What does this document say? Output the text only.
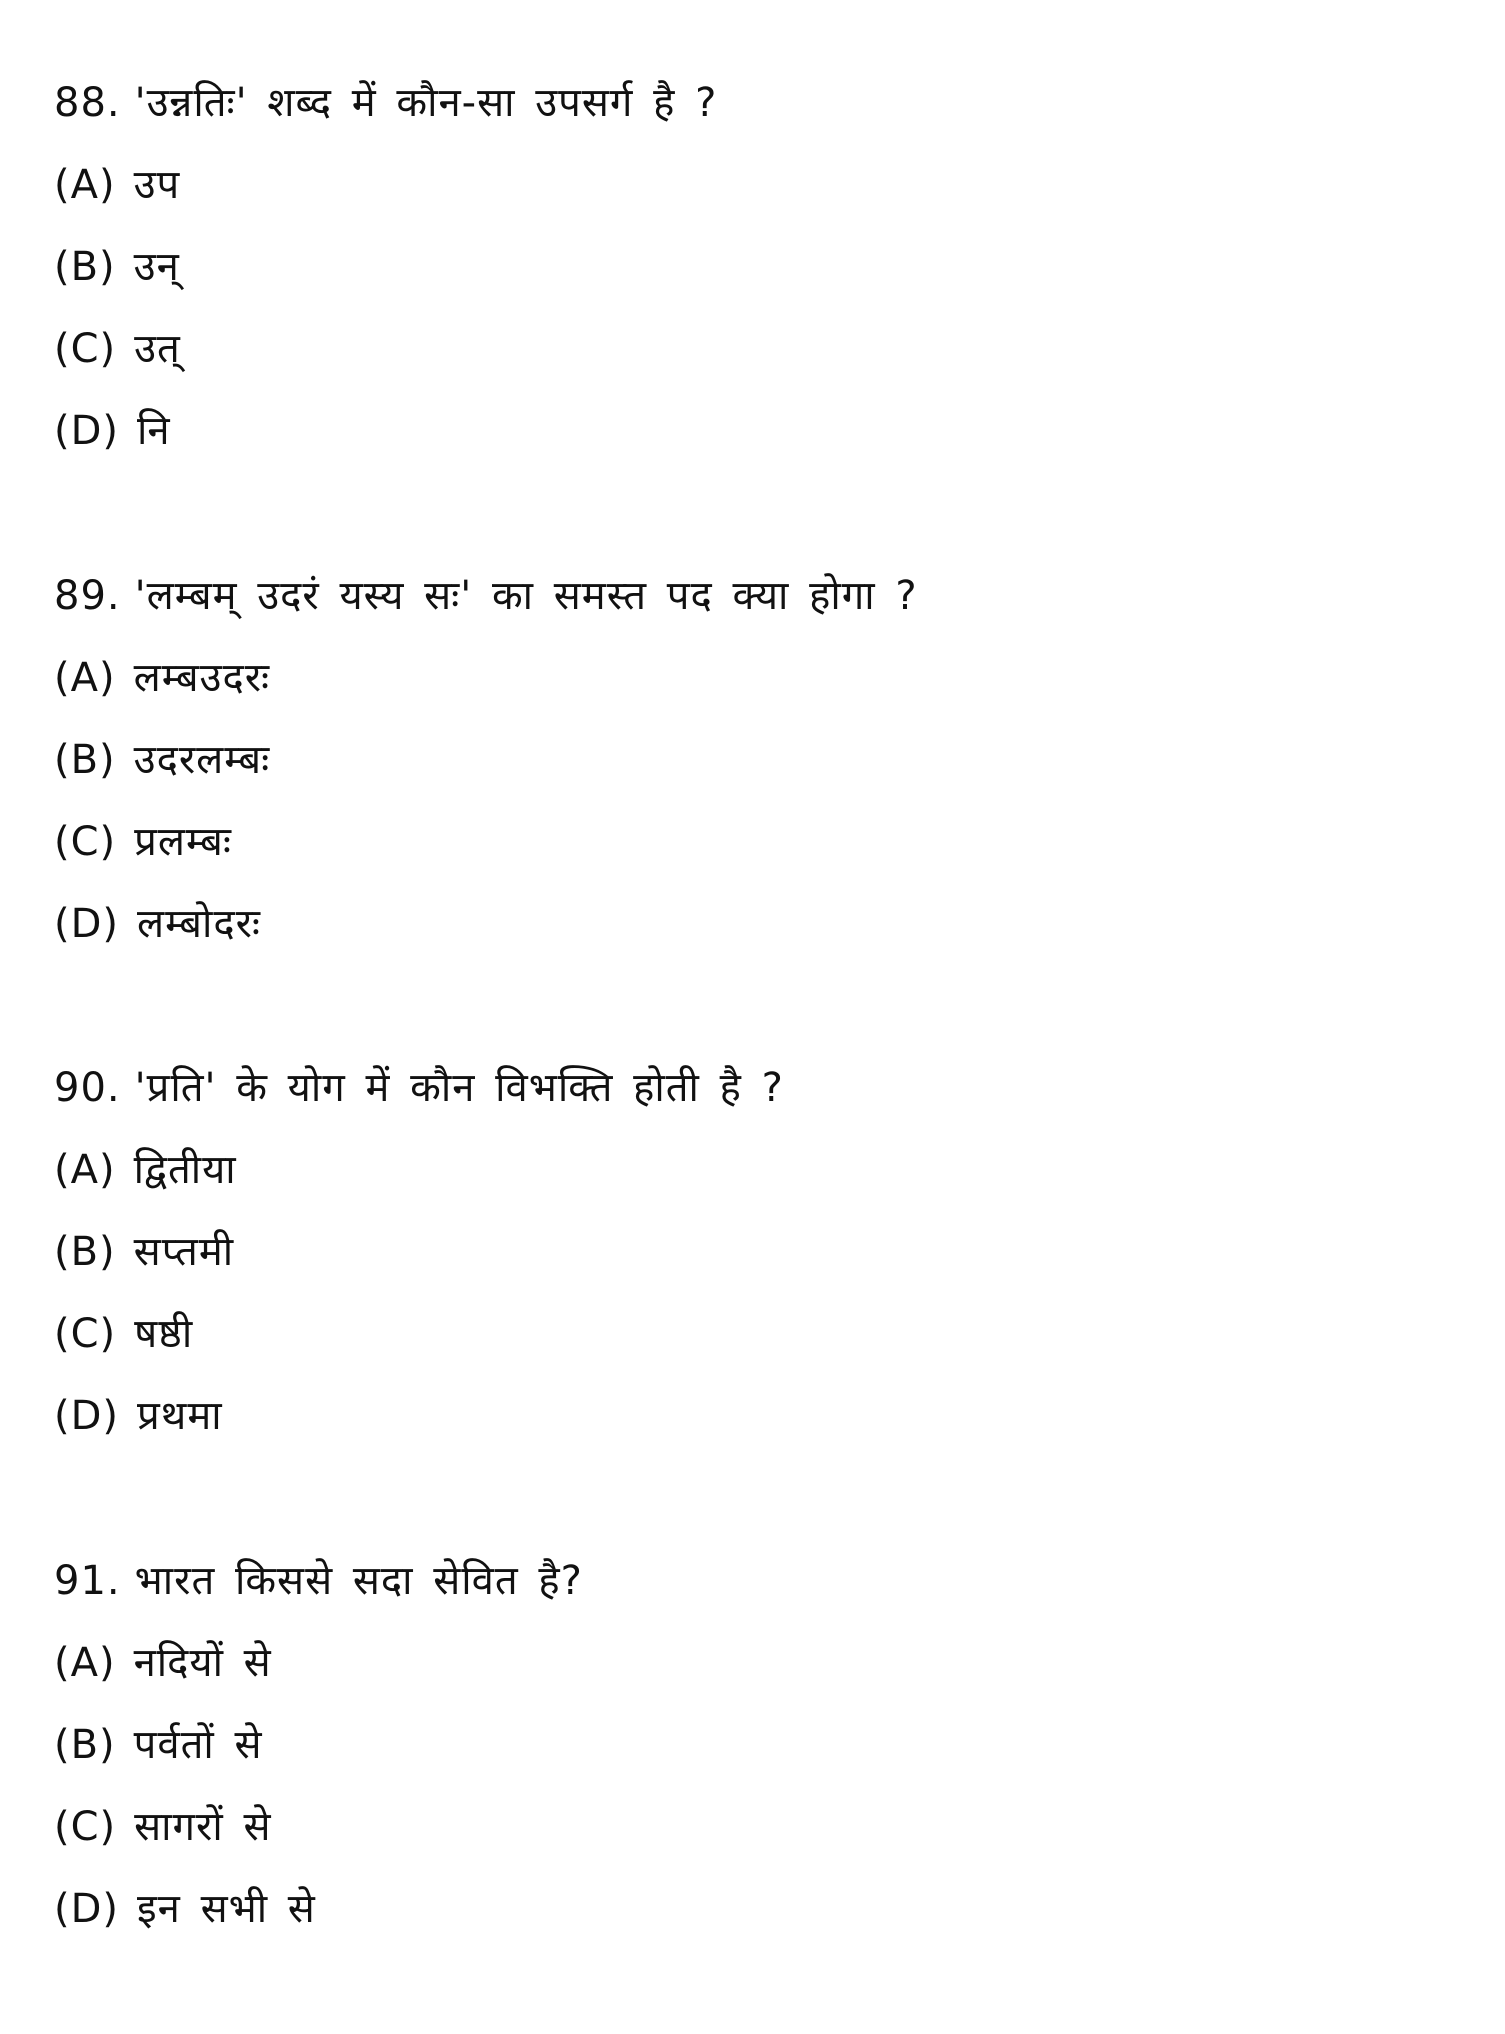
88. 'उन्नतिः' शब्द में कौन-सा उपसर्ग है ?
(A) उप
(B) उन्
(C) उत्
(D) नि
89. 'लम्बम् उदरं यस्य सः' का समस्त पद क्या होगा ?
(A) लम्बउदरः
(B) उदरलम्बः
(C) प्रलम्बः
(D) लम्बोदरः
90. 'प्रति' के योग में कौन विभक्ति होती है ?
(A) द्वितीया
(B) सप्तमी
(C) षष्ठी
(D) प्रथमा
91. भारत किससे सदा सेवित है?
(A) नदियों से
(B) पर्वतों से
(C) सागरों से
(D) इन सभी से
